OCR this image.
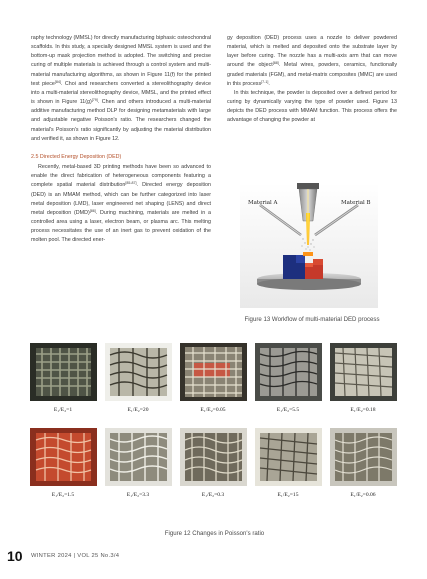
raphy technology (MMSL) for directly manufacturing biphasic osteochondral scaffolds. In this study, a specially designed MMSL system is used and the bottom-up mask projection method is adopted. The switching and precise curing of multiple materials is achieved through a control system and multi-material manufacturing algorithms, as shown in Figure 11(f) for the printed test piece[84]. Choi and researchers converted a stereolithography device into a multi-material stereolithography device, MMSL, and the printed effect is shown in Figure 11(g)[79]. Chen and others introduced a multi-material additive manufacturing method DLP for designing metamaterials with large and adjustable negative Poisson's ratio. The researchers changed the material's Poisson's ratio significantly by adjusting the material distribution and verified it, as shown in Figure 12.

2.5 Directed Energy Deposition (DED)

Recently, metal-based 3D printing methods have been so advanced to enable the direct fabrication of heterogeneous components featuring a complete spatial material distribution[85-87]. Directed energy deposition (DED) is an MMAM method, which can be further categorized into laser metal deposition (LMD), laser engineered net shaping (LENS) and direct metal deposition (DMD)[86]. During machining, materials are melted in a controlled area using a laser, electron beam, or plasma arc. This melting process necessitates the use of an inert gas to prevent oxidation of the molten pool. The directed ener-

gy deposition (DED) process uses a nozzle to deliver powdered material, which is melted and deposited onto the substrate layer by layer before curing. The nozzle has a multi-axis arm that can move around the object[88]. Metal wires, powders, ceramics, functionally graded materials (FGM), and metal-matrix composites (MMC) are used in this process[7-1].

In this technique, the powder is deposited over a defined period for curing by dynamically varying the type of powder used. Figure 13 depicts the DED process with MMAM function. This process offers the advantage of changing the powder at

Material A	Material B
Figure 13 Workflow of multi-material DED process
E₁/E₂=1	E₁/E₂=20	E₁/E₂=0.05	E₁/E₂=5.5	E₁/E₂=0.18
E₁/E₂=1.5	E₁/E₂=3.3	E₁/E₂=0.3	E₁/E₂=15	E₁/E₂=0.06
Figure 12 Changes in Poisson's ratio
10 WINTER 2024 | VOL 25 No.3/4
